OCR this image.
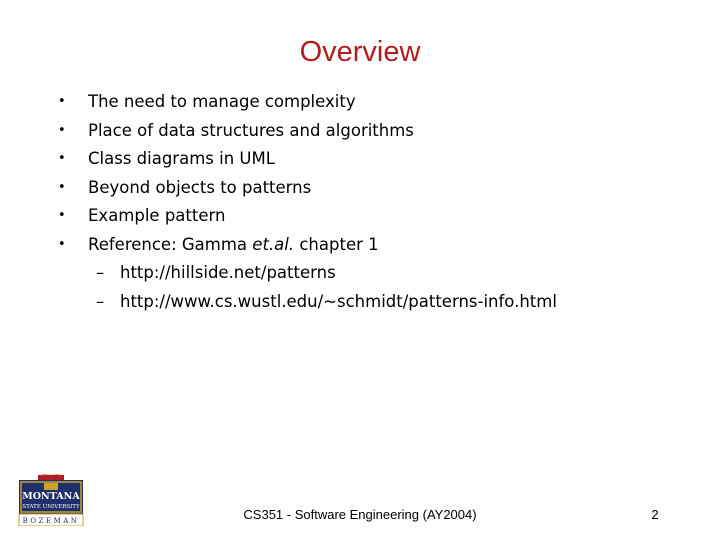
Overview
• The need to manage complexity
• Place of data structures and algorithms
• Class diagrams in UML
• Beyond objects to patterns
• Example pattern
• Reference: Gamma et.al. chapter 1
– http://hillside.net/patterns
– http://www.cs.wustl.edu/~schmidt/patterns-info.html
MONTANA
STATE UNIVERSITY
BOZEMAN	CS351 - Software Engineering (AY2004)	2
